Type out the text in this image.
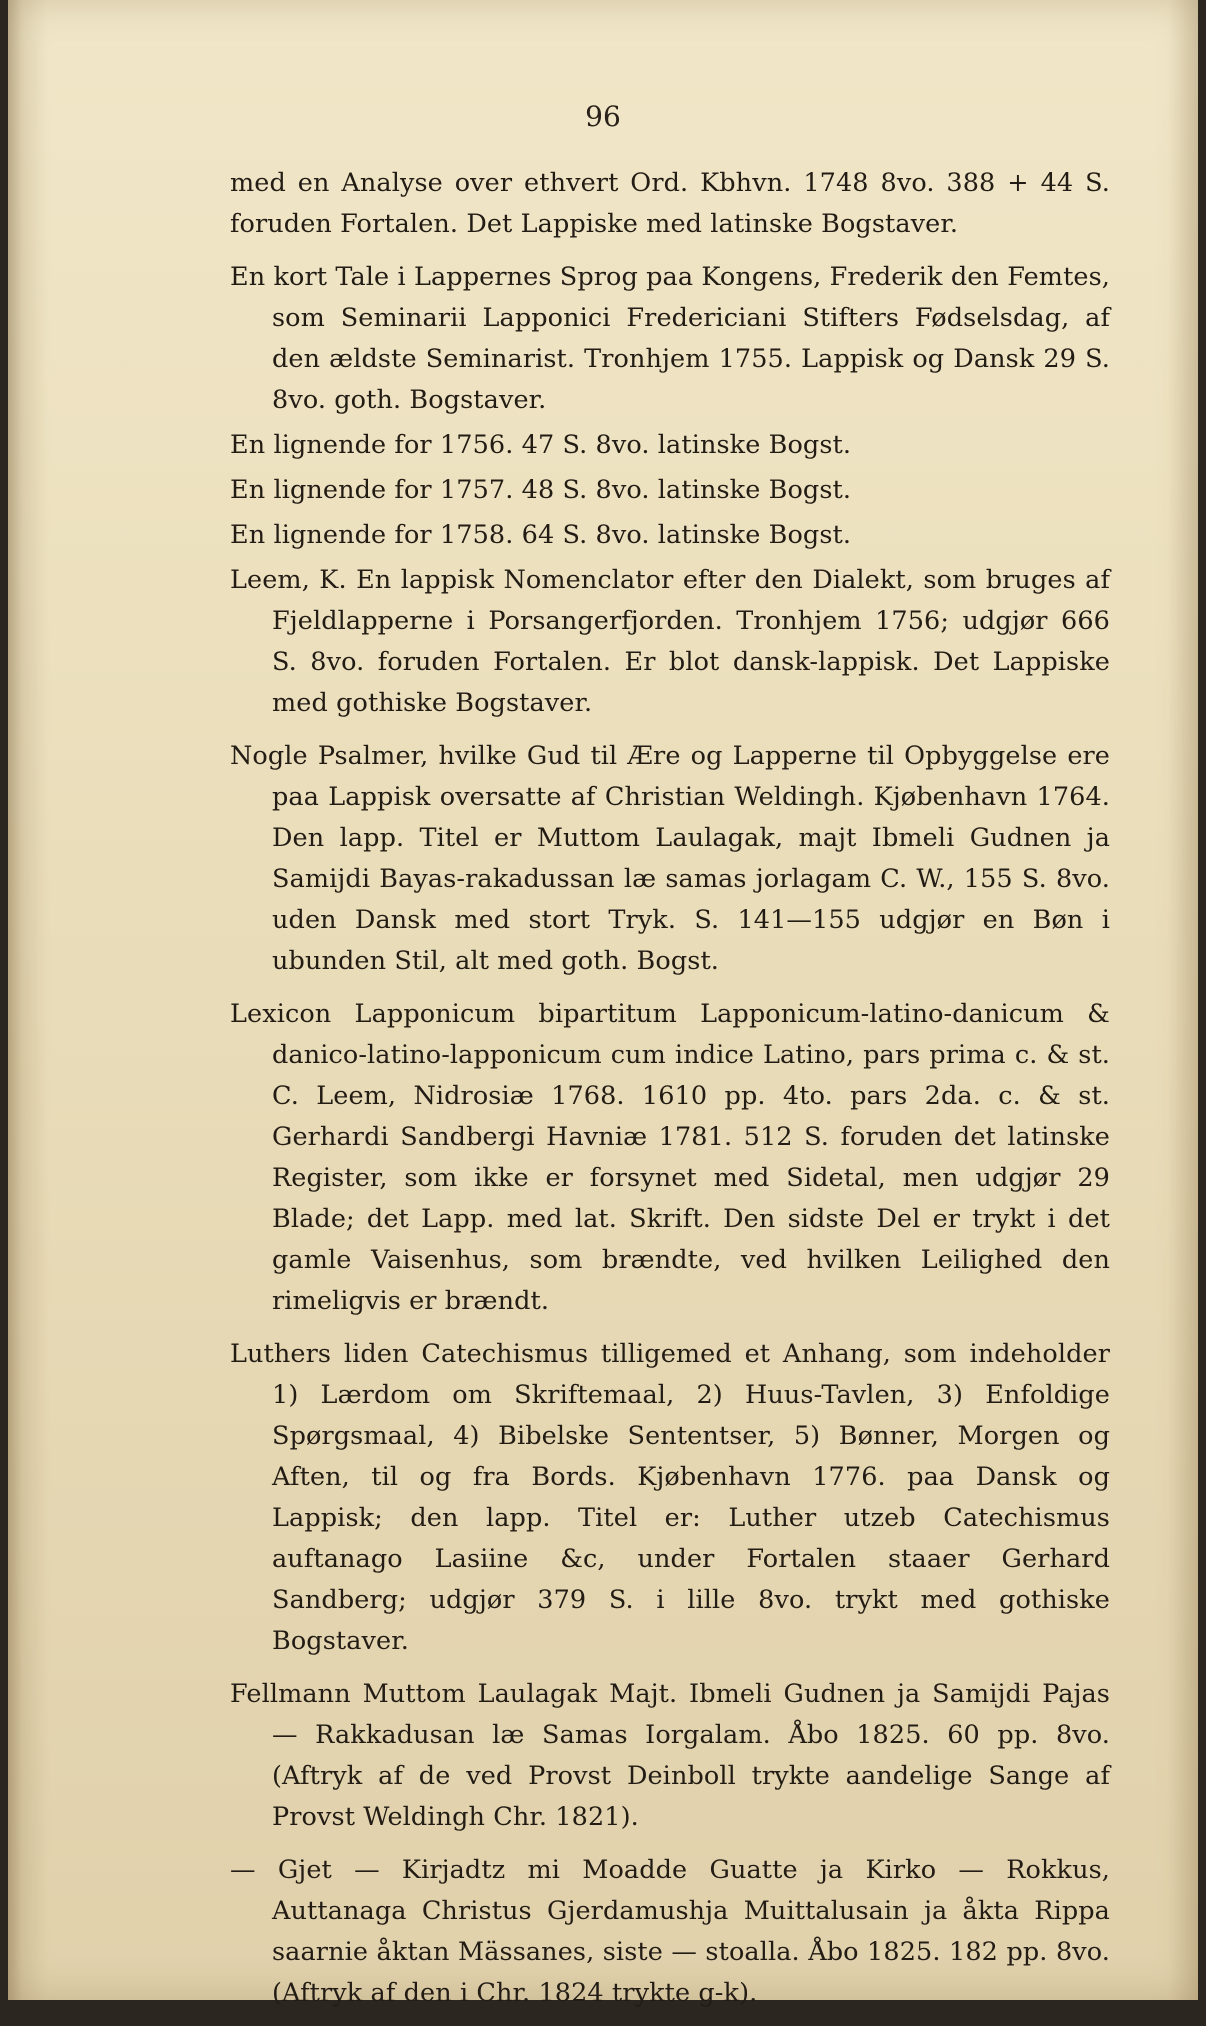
96

med en Analyse over ethvert Ord. Kbhvn. 1748 8vo. 388 + 44 S. foruden Fortalen. Det Lappiske med latinske Bogstaver.

En kort Tale i Lappernes Sprog paa Kongens, Frederik den Femtes, som Seminarii Lapponici Fredericiani Stifters Fødselsdag, af den ældste Seminarist. Tronhjem 1755. Lappisk og Dansk 29 S. 8vo. goth. Bogstaver.

En lignende for 1756. 47 S. 8vo. latinske Bogst.

En lignende for 1757. 48 S. 8vo. latinske Bogst.

En lignende for 1758. 64 S. 8vo. latinske Bogst.

Leem, K. En lappisk Nomenclator efter den Dialekt, som bruges af Fjeldlapperne i Porsangerfjorden. Tronhjem 1756; udgjør 666 S. 8vo. foruden Fortalen. Er blot dansk-lappisk. Det Lappiske med gothiske Bogstaver.

Nogle Psalmer, hvilke Gud til Ære og Lapperne til Opbyggelse ere paa Lappisk oversatte af Christian Weldingh. Kjøbenhavn 1764. Den lapp. Titel er Muttom Laulagak, majt Ibmeli Gudnen ja Samijdi Bayas-rakadussan læ samas jorlagam C. W., 155 S. 8vo. uden Dansk med stort Tryk. S. 141—155 udgjør en Bøn i ubunden Stil, alt med goth. Bogst.

Lexicon Lapponicum bipartitum Lapponicum-latino-danicum & danico-latino-lapponicum cum indice Latino, pars prima c. & st. C. Leem, Nidrosiæ 1768. 1610 pp. 4to. pars 2da. c. & st. Gerhardi Sandbergi Havniæ 1781. 512 S. foruden det latinske Register, som ikke er forsynet med Sidetal, men udgjør 29 Blade; det Lapp. med lat. Skrift. Den sidste Del er trykt i det gamle Vaisenhus, som brændte, ved hvilken Leilighed den rimeligvis er brændt.

Luthers liden Catechismus tilligemed et Anhang, som indeholder 1) Lærdom om Skriftemaal, 2) Huus-Tavlen, 3) Enfoldige Spørgsmaal, 4) Bibelske Sententser, 5) Bønner, Morgen og Aften, til og fra Bords. Kjøbenhavn 1776. paa Dansk og Lappisk; den lapp. Titel er: Luther utzeb Catechismus auftanago Lasiine &c, under Fortalen staaer Gerhard Sandberg; udgjør 379 S. i lille 8vo. trykt med gothiske Bogstaver.

Fellmann Muttom Laulagak Majt. Ibmeli Gudnen ja Samijdi Pajas — Rakkadusan læ Samas Iorgalam. Åbo 1825. 60 pp. 8vo. (Aftryk af de ved Provst Deinboll trykte aandelige Sange af Provst Weldingh Chr. 1821).

— Gjet — Kirjadtz mi Moadde Guatte ja Kirko — Rokkus, Auttanaga Christus Gjerdamushja Muittalusain ja åkta Rippa saarnie åktan Mässanes, siste — stoalla. Åbo 1825. 182 pp. 8vo. (Aftryk af den i Chr. 1824 trykte g-k).
